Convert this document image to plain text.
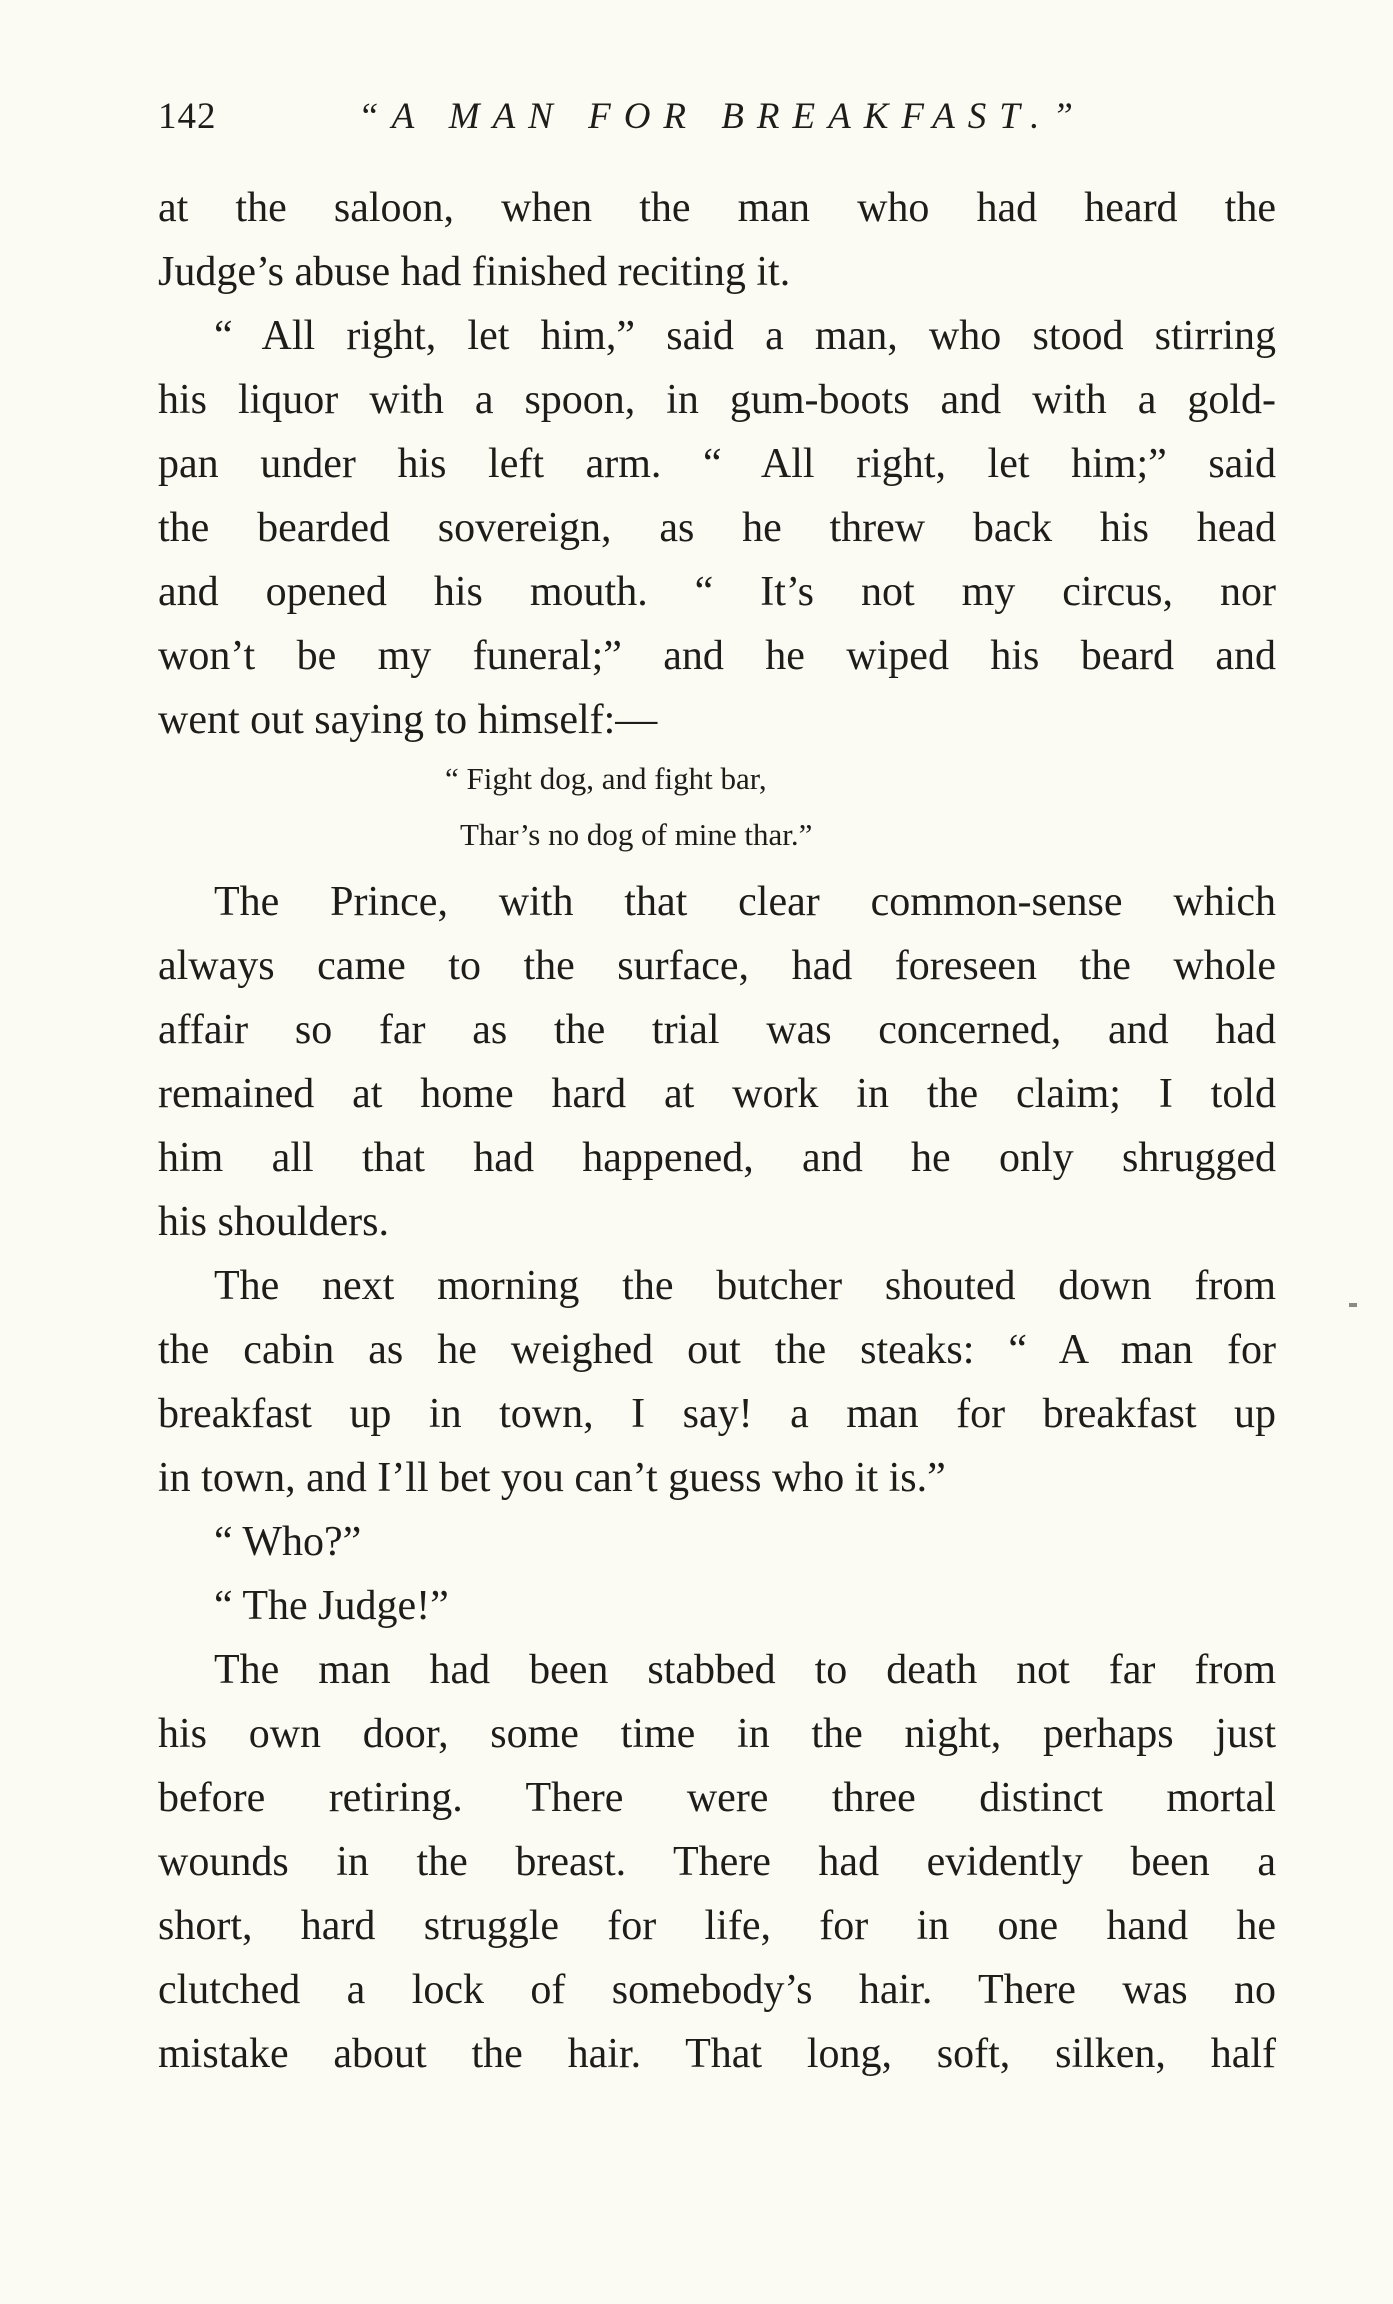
142	“A MAN FOR BREAKFAST.”
at the saloon, when the man who had heard the
Judge’s abuse had finished reciting it.
“ All right, let him,” said a man, who stood stirring
his liquor with a spoon, in gum-boots and with a gold-
pan under his left arm. “ All right, let him;” said
the bearded sovereign, as he threw back his head
and opened his mouth. “ It’s not my circus, nor
won’t be my funeral;” and he wiped his beard and
went out saying to himself:—
“ Fight dog, and fight bar,
Thar’s no dog of mine thar.”
The Prince, with that clear common-sense which
always came to the surface, had foreseen the whole
affair so far as the trial was concerned, and had
remained at home hard at work in the claim; I told
him all that had happened, and he only shrugged
his shoulders.
The next morning the butcher shouted down from
the cabin as he weighed out the steaks: “ A man for
breakfast up in town, I say! a man for breakfast up
in town, and I’ll bet you can’t guess who it is.”
“ Who?”
“ The Judge!”
The man had been stabbed to death not far from
his own door, some time in the night, perhaps just
before retiring. There were three distinct mortal
wounds in the breast. There had evidently been a
short, hard struggle for life, for in one hand he
clutched a lock of somebody’s hair. There was no
mistake about the hair. That long, soft, silken, half
